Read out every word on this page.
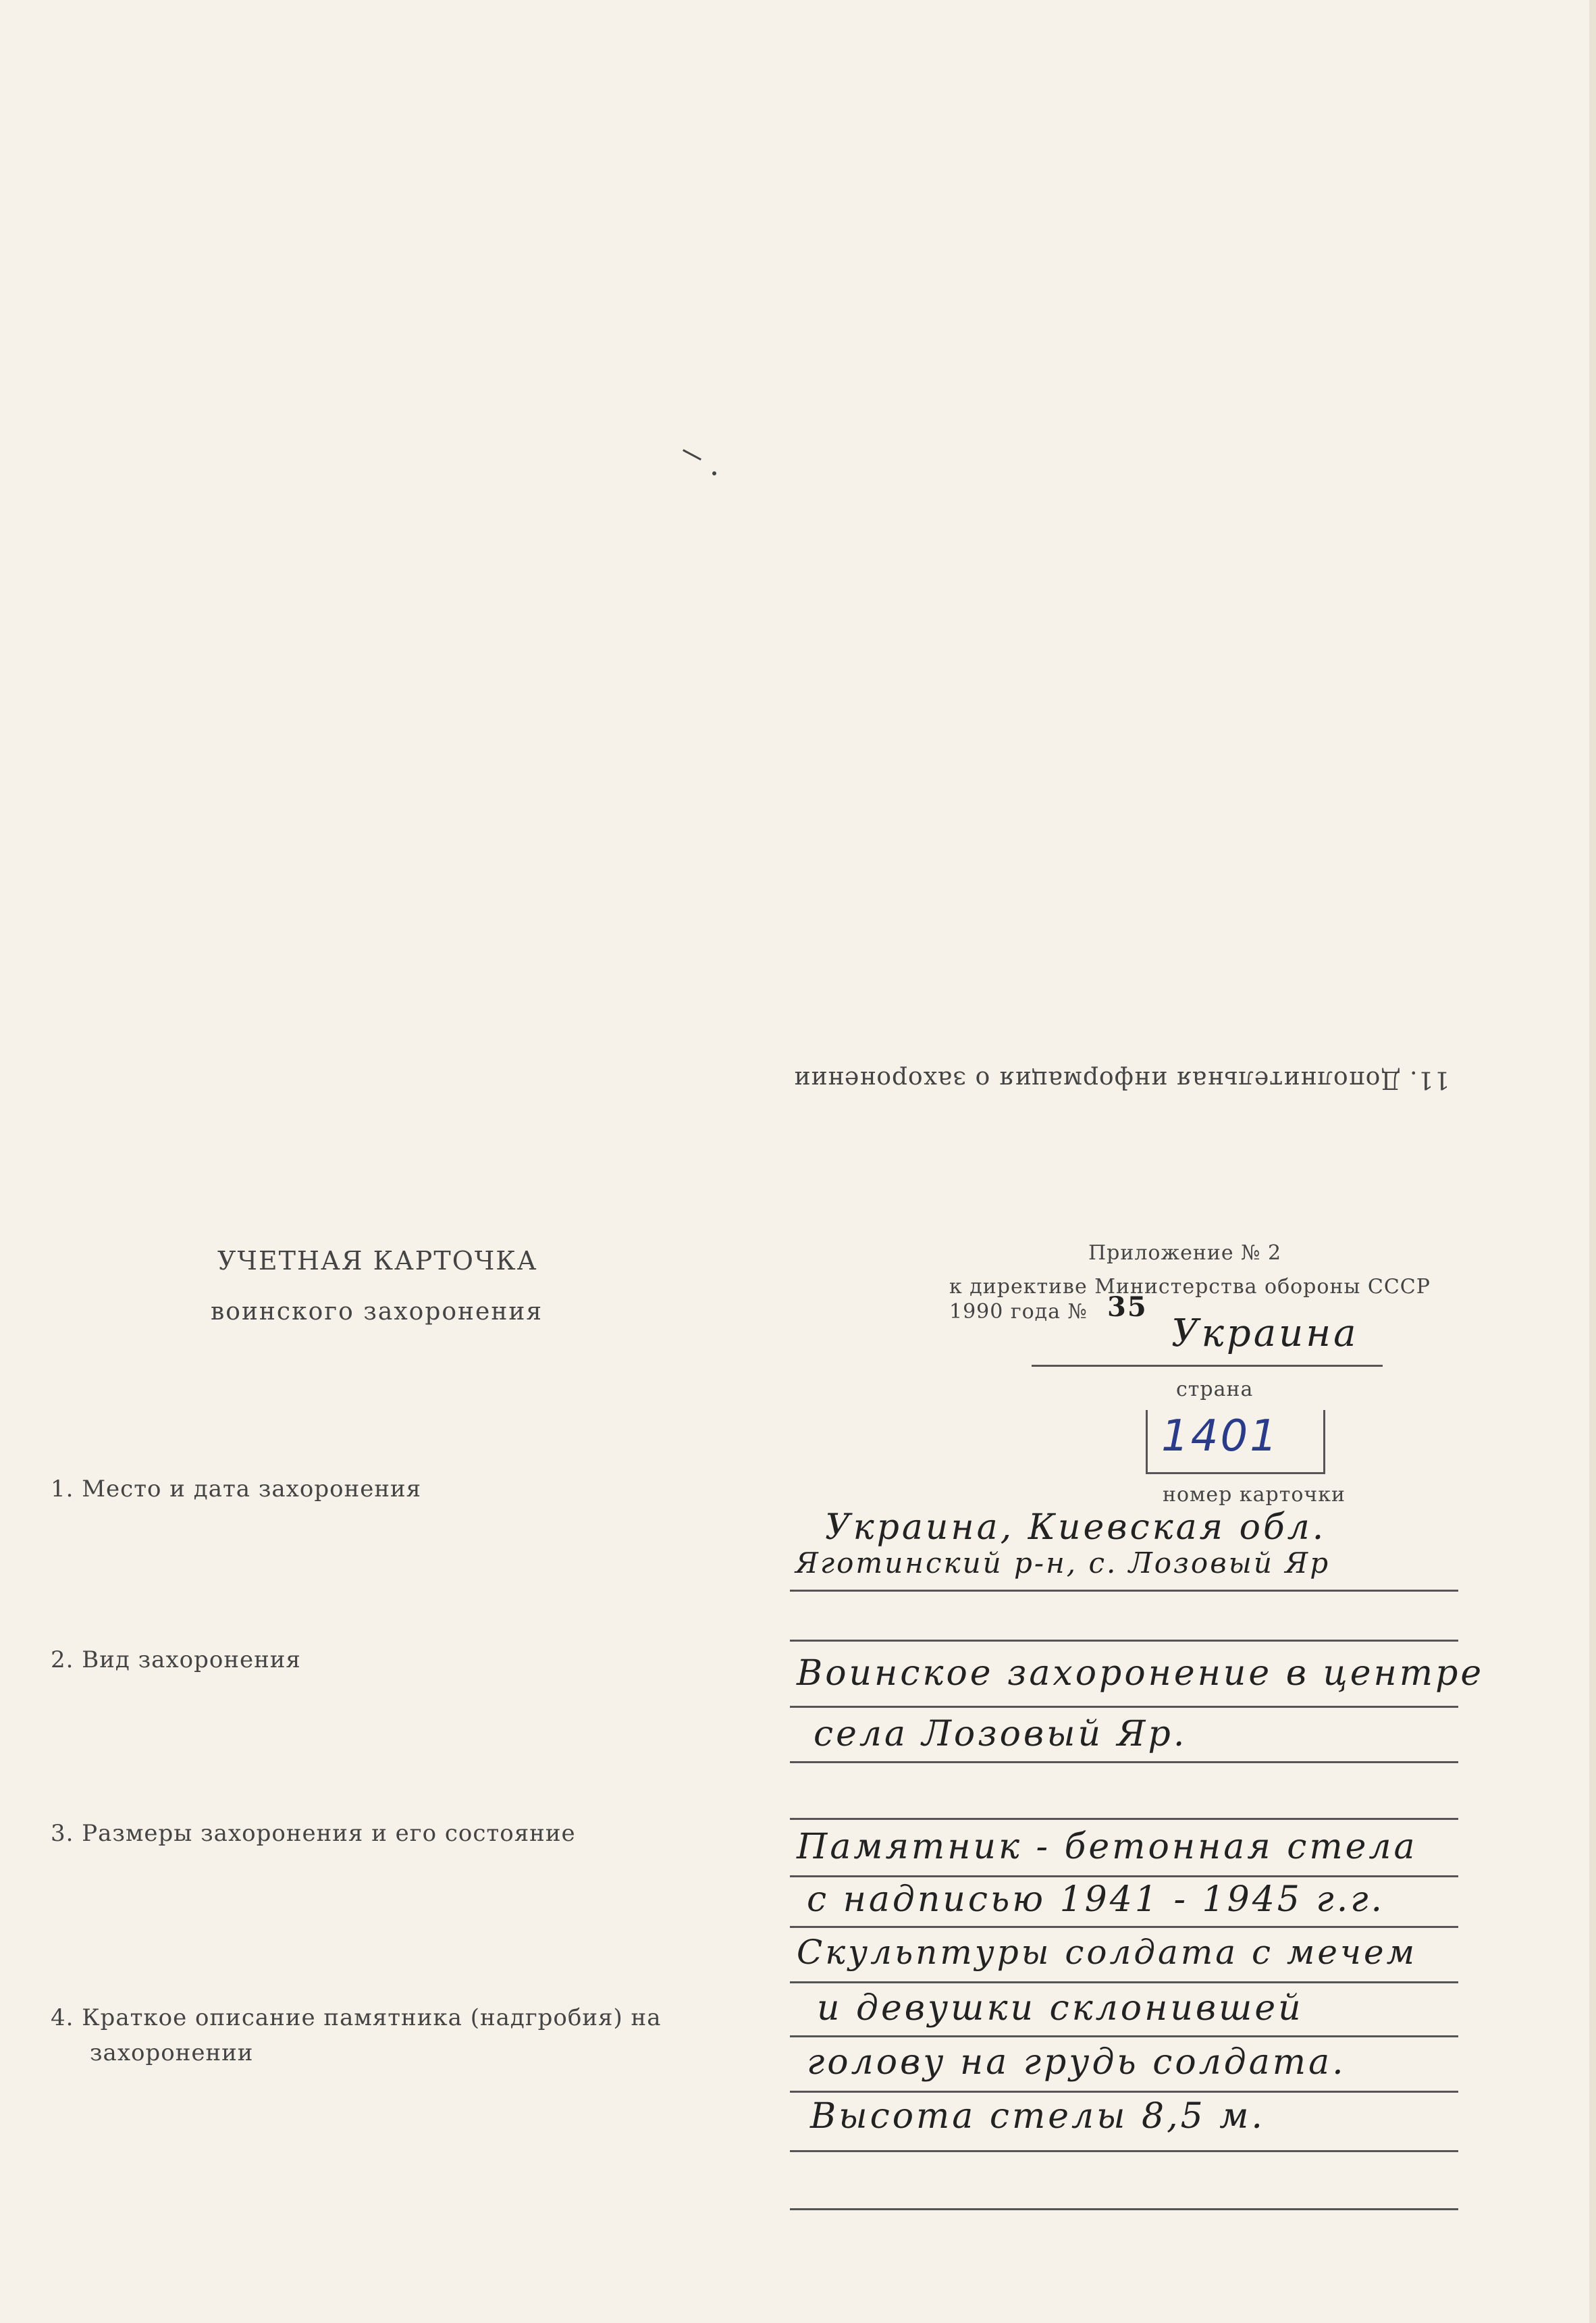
11. Дополнительная информация о захоронении
УЧЕТНАЯ КАРТОЧКА
воинского захоронения
Приложение № 2
к директиве Министерства обороны СССР
1990 года № 35
Украина
страна
1401
номер карточки
1. Место и дата захоронения
Украина, Киевская обл.
Яготинский р-н, с. Лозовый Яр
2. Вид захоронения	Воинское захоронение в центре
села Лозовый Яр.
3. Размеры захоронения и его состояние	Памятник - бетонная стела
с надписью 1941 - 1945 г.г.
Скульптуры солдата с мечем
4. Краткое описание памятника (надгробия) на
захоронении
и девушки склонившей
голову на грудь солдата.
Высота стелы 8,5 м.
